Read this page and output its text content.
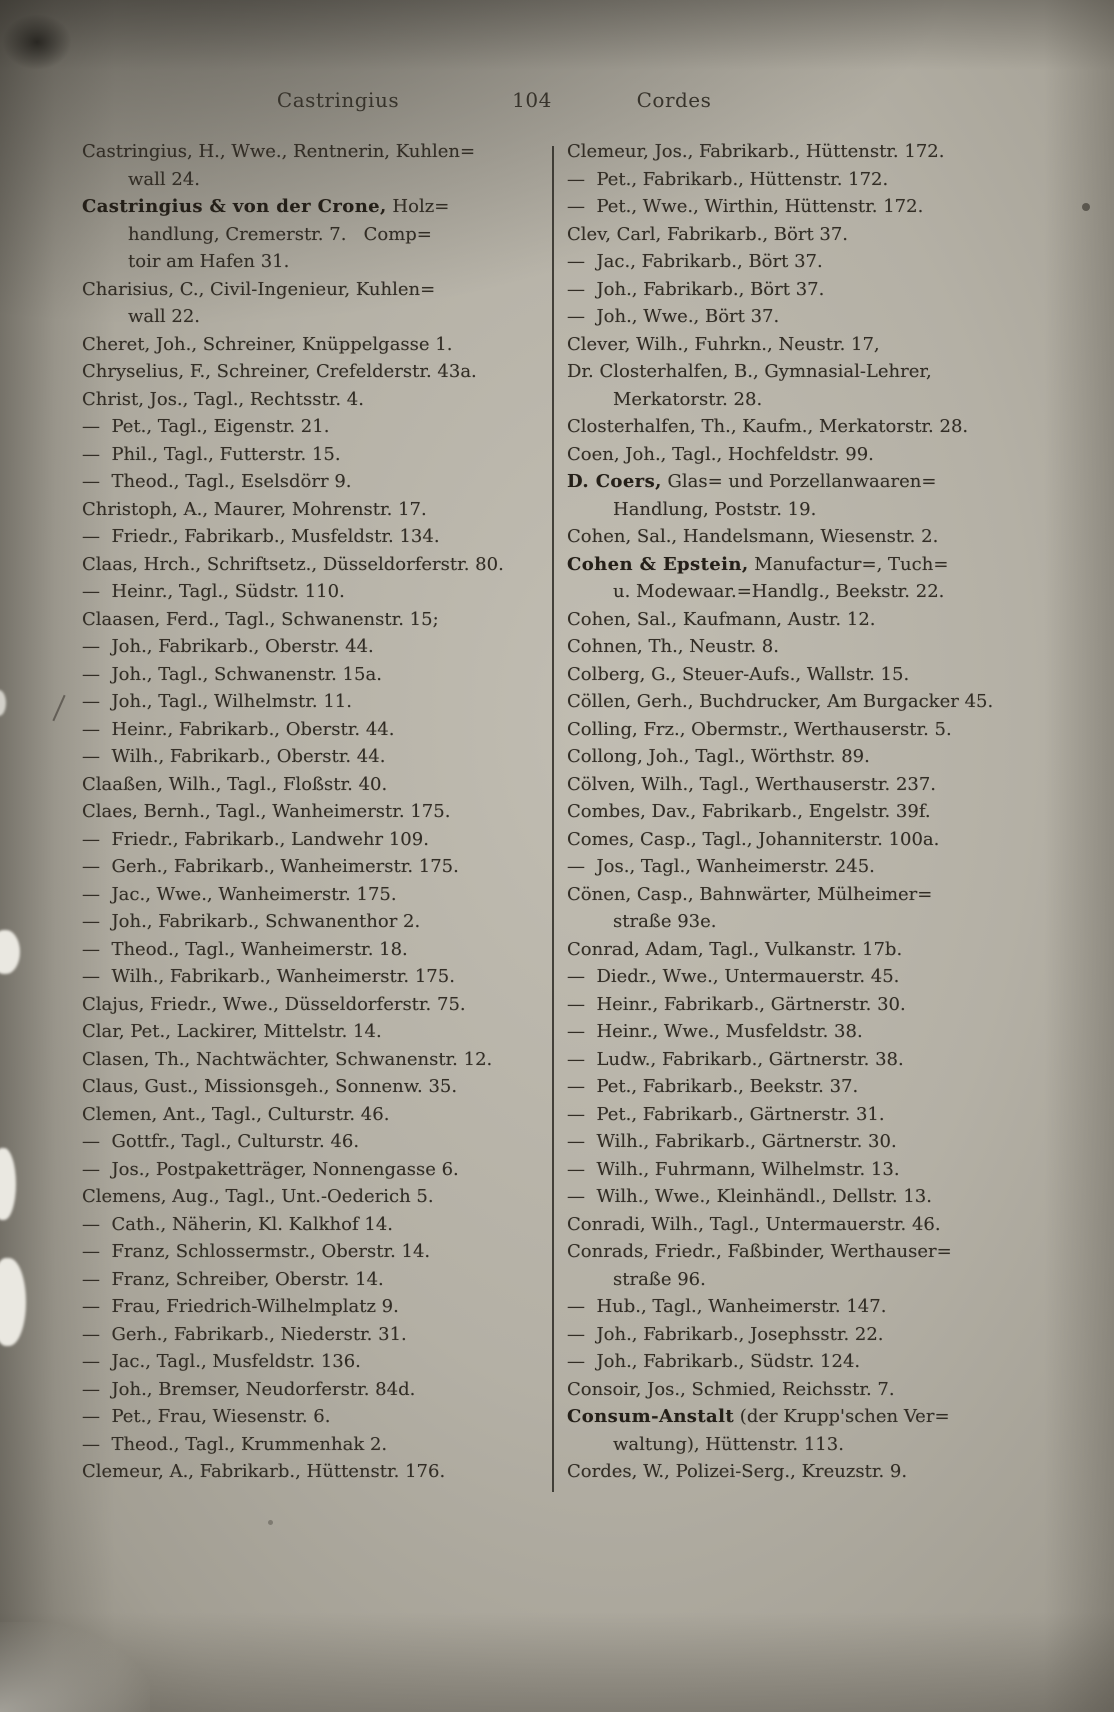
Castringius	104	Cordes
Castringius, H., Wwe., Rentnerin, Kuhlen=
wall 24.
Castringius & von der Crone, Holz=
handlung, Cremerstr. 7.   Comp=
toir am Hafen 31.
Charisius, C., Civil-Ingenieur, Kuhlen=
wall 22.
Cheret, Joh., Schreiner, Knüppelgasse 1.
Chryselius, F., Schreiner, Crefelderstr. 43a.
Christ, Jos., Tagl., Rechtsstr. 4.
—  Pet., Tagl., Eigenstr. 21.
—  Phil., Tagl., Futterstr. 15.
—  Theod., Tagl., Eselsdörr 9.
Christoph, A., Maurer, Mohrenstr. 17.
—  Friedr., Fabrikarb., Musfeldstr. 134.
Claas, Hrch., Schriftsetz., Düsseldorferstr. 80.
—  Heinr., Tagl., Südstr. 110.
Claasen, Ferd., Tagl., Schwanenstr. 15;
—  Joh., Fabrikarb., Oberstr. 44.
—  Joh., Tagl., Schwanenstr. 15a.
—  Joh., Tagl., Wilhelmstr. 11.
—  Heinr., Fabrikarb., Oberstr. 44.
—  Wilh., Fabrikarb., Oberstr. 44.
Claaßen, Wilh., Tagl., Floßstr. 40.
Claes, Bernh., Tagl., Wanheimerstr. 175.
—  Friedr., Fabrikarb., Landwehr 109.
—  Gerh., Fabrikarb., Wanheimerstr. 175.
—  Jac., Wwe., Wanheimerstr. 175.
—  Joh., Fabrikarb., Schwanenthor 2.
—  Theod., Tagl., Wanheimerstr. 18.
—  Wilh., Fabrikarb., Wanheimerstr. 175.
Clajus, Friedr., Wwe., Düsseldorferstr. 75.
Clar, Pet., Lackirer, Mittelstr. 14.
Clasen, Th., Nachtwächter, Schwanenstr. 12.
Claus, Gust., Missionsgeh., Sonnenw. 35.
Clemen, Ant., Tagl., Culturstr. 46.
—  Gottfr., Tagl., Culturstr. 46.
—  Jos., Postpaketträger, Nonnengasse 6.
Clemens, Aug., Tagl., Unt.-Oederich 5.
—  Cath., Näherin, Kl. Kalkhof 14.
—  Franz, Schlossermstr., Oberstr. 14.
—  Franz, Schreiber, Oberstr. 14.
—  Frau, Friedrich-Wilhelmplatz 9.
—  Gerh., Fabrikarb., Niederstr. 31.
—  Jac., Tagl., Musfeldstr. 136.
—  Joh., Bremser, Neudorferstr. 84d.
—  Pet., Frau, Wiesenstr. 6.
—  Theod., Tagl., Krummenhak 2.
Clemeur, A., Fabrikarb., Hüttenstr. 176.
Clemeur, Jos., Fabrikarb., Hüttenstr. 172.
—  Pet., Fabrikarb., Hüttenstr. 172.
—  Pet., Wwe., Wirthin, Hüttenstr. 172.
Clev, Carl, Fabrikarb., Bört 37.
—  Jac., Fabrikarb., Bört 37.
—  Joh., Fabrikarb., Bört 37.
—  Joh., Wwe., Bört 37.
Clever, Wilh., Fuhrkn., Neustr. 17,
Dr. Closterhalfen, B., Gymnasial-Lehrer,
Merkatorstr. 28.
Closterhalfen, Th., Kaufm., Merkatorstr. 28.
Coen, Joh., Tagl., Hochfeldstr. 99.
D. Coers, Glas= und Porzellanwaaren=
Handlung, Poststr. 19.
Cohen, Sal., Handelsmann, Wiesenstr. 2.
Cohen & Epstein, Manufactur=, Tuch=
u. Modewaar.=Handlg., Beekstr. 22.
Cohen, Sal., Kaufmann, Austr. 12.
Cohnen, Th., Neustr. 8.
Colberg, G., Steuer-Aufs., Wallstr. 15.
Cöllen, Gerh., Buchdrucker, Am Burgacker 45.
Colling, Frz., Obermstr., Werthauserstr. 5.
Collong, Joh., Tagl., Wörthstr. 89.
Cölven, Wilh., Tagl., Werthauserstr. 237.
Combes, Dav., Fabrikarb., Engelstr. 39f.
Comes, Casp., Tagl., Johanniterstr. 100a.
—  Jos., Tagl., Wanheimerstr. 245.
Cönen, Casp., Bahnwärter, Mülheimer=
straße 93e.
Conrad, Adam, Tagl., Vulkanstr. 17b.
—  Diedr., Wwe., Untermauerstr. 45.
—  Heinr., Fabrikarb., Gärtnerstr. 30.
—  Heinr., Wwe., Musfeldstr. 38.
—  Ludw., Fabrikarb., Gärtnerstr. 38.
—  Pet., Fabrikarb., Beekstr. 37.
—  Pet., Fabrikarb., Gärtnerstr. 31.
—  Wilh., Fabrikarb., Gärtnerstr. 30.
—  Wilh., Fuhrmann, Wilhelmstr. 13.
—  Wilh., Wwe., Kleinhändl., Dellstr. 13.
Conradi, Wilh., Tagl., Untermauerstr. 46.
Conrads, Friedr., Faßbinder, Werthauser=
straße 96.
—  Hub., Tagl., Wanheimerstr. 147.
—  Joh., Fabrikarb., Josephsstr. 22.
—  Joh., Fabrikarb., Südstr. 124.
Consoir, Jos., Schmied, Reichsstr. 7.
Consum-Anstalt (der Krupp'schen Ver=
waltung), Hüttenstr. 113.
Cordes, W., Polizei-Serg., Kreuzstr. 9.
